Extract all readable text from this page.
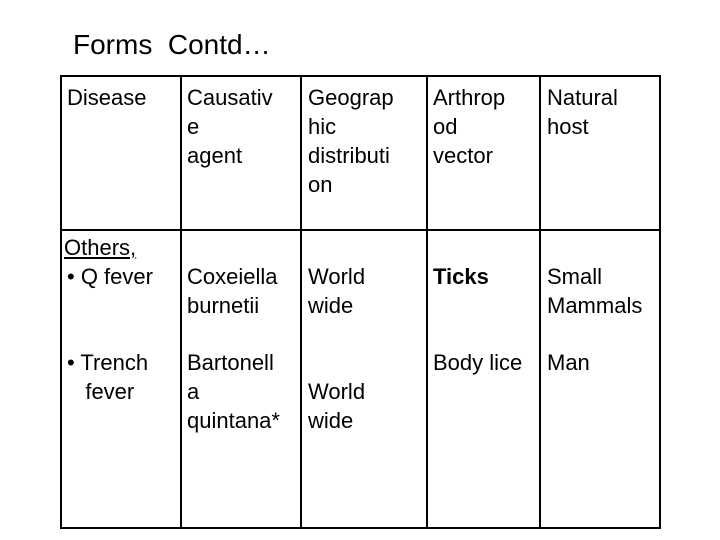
Forms  Contd…
Disease Causativ
e
agent
Geograp
hic
distributi
on
Arthrop
od
vector
Natural
host
Others,
• Q fever Coxeiella
burnetii
World
wide
Ticks	Small
Mammals
• Trench
fever
Bartonell
a
quintana*
World
wide
Body lice Man
